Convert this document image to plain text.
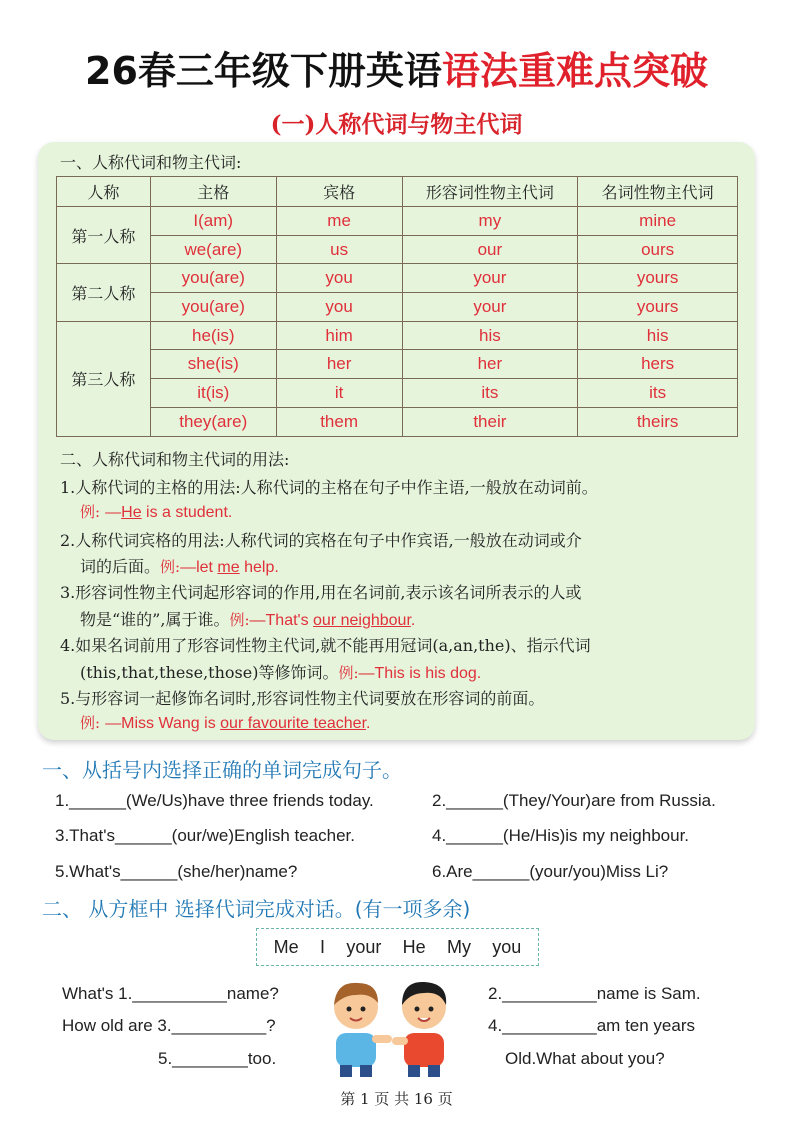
26春三年级下册英语语法重难点突破
(一)人称代词与物主代词
一、人称代词和物主代词:
人称	主格	宾格	形容词性物主代词	名词性物主代词
第一人称	I(am)	me	my	mine
	we(are)	us	our	ours
第二人称	you(are)	you	your	yours
	you(are)	you	your	yours
第三人称	he(is)	him	his	his
	she(is)	her	her	hers
	it(is)	it	its	its
	they(are)	them	their	theirs
二、人称代词和物主代词的用法:
1.人称代词的主格的用法:人称代词的主格在句子中作主语,一般放在动词前。
例: —He is a student.
2.人称代词宾格的用法:人称代词的宾格在句子中作宾语,一般放在动词或介
词的后面。例:—let me help.
3.形容词性物主代词起形容词的作用,用在名词前,表示该名词所表示的人或
物是“谁的”,属于谁。例:—That's our neighbour.
4.如果名词前用了形容词性物主代词,就不能再用冠词(a,an,the)、指示代词
(this,that,these,those)等修饰词。例:—This is his dog.
5.与形容词一起修饰名词时,形容词性物主代词要放在形容词的前面。
例: —Miss Wang is our favourite teacher.
一、从括号内选择正确的单词完成句子。
1.______(We/Us)have three friends today.	2.______(They/Your)are from Russia.
3.That's______(our/we)English teacher.	4.______(He/His)is my neighbour.
5.What's______(she/her)name?	6.Are______(your/you)Miss Li?
二、 从方框中 选择代词完成对话。(有一项多余)
Me I your He My you
What's 1.__________name?	2.__________name is Sam.
How old are 3.__________?	4.__________am ten years
5.________too.	Old.What about you?
第 1 页 共 16 页
